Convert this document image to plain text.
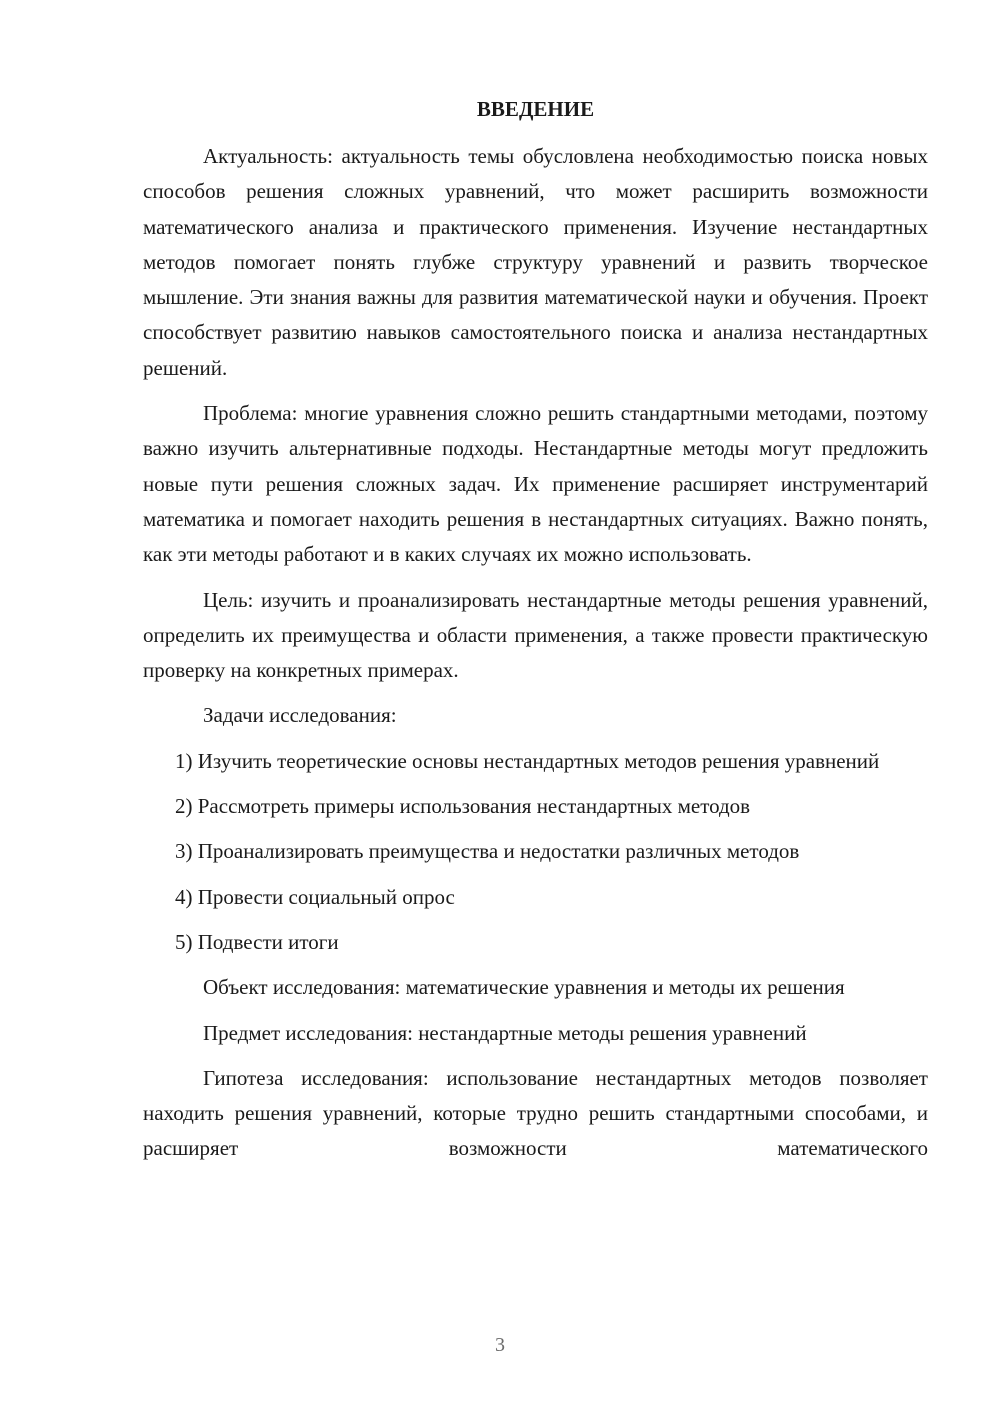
ВВЕДЕНИЕ

Актуальность: актуальность темы обусловлена необходимостью поиска новых способов решения сложных уравнений, что может расширить возможности математического анализа и практического применения. Изучение нестандартных методов помогает понять глубже структуру уравнений и развить творческое мышление. Эти знания важны для развития математической науки и обучения. Проект способствует развитию навыков самостоятельного поиска и анализа нестандартных решений.

Проблема: многие уравнения сложно решить стандартными методами, поэтому важно изучить альтернативные подходы. Нестандартные методы могут предложить новые пути решения сложных задач. Их применение расширяет инструментарий математика и помогает находить решения в нестандартных ситуациях. Важно понять, как эти методы работают и в каких случаях их можно использовать.

Цель: изучить и проанализировать нестандартные методы решения уравнений, определить их преимущества и области применения, а также провести практическую проверку на конкретных примерах.

Задачи исследования:

1) Изучить теоретические основы нестандартных методов решения уравнений

2) Рассмотреть примеры использования нестандартных методов

3) Проанализировать преимущества и недостатки различных методов

4) Провести социальный опрос

5) Подвести итоги

Объект исследования: математические уравнения и методы их решения

Предмет исследования: нестандартные методы решения уравнений

Гипотеза исследования: использование нестандартных методов позволяет находить решения уравнений, которые трудно решить стандартными способами, и расширяет возможности математического

3
